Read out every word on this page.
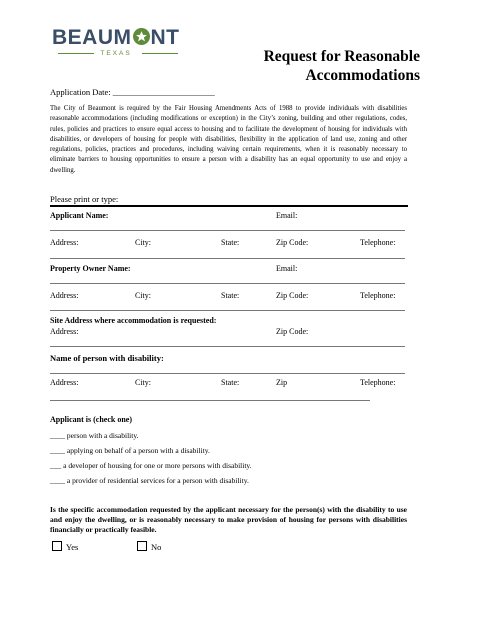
BEAUM NT
TEXAS	Request for Reasonable
Accommodations
Application Date: ________________________
The City of Beaumont is required by the Fair Housing Amendments Acts of 1988 to provide individuals with disabilities reasonable accommodations (including modifications or exception) in the City’s zoning, building and other regulations, codes, rules, policies and practices to ensure equal access to housing and to facilitate the development of housing for individuals with disabilities, or developers of housing for people with disabilities, flexibility in the application of land use, zoning and other regulations, policies, practices and procedures, including waiving certain requirements, when it is reasonably necessary to eliminate barriers to housing opportunities to ensure a person with a disability has an equal opportunity to use and enjoy a dwelling.
Please print or type:
Applicant Name:	Email:
Address:	City:	State:	Zip Code:	Telephone:
Property Owner Name:	Email:
Address:	City:	State:	Zip Code:	Telephone:
Site Address where accommodation is requested:
Address:	Zip Code:
Name of person with disability:
Address:	City:	State:	Zip	Telephone:
Applicant is (check one)
____ person with a disability.
____ applying on behalf of a person with a disability.
___ a developer of housing for one or more persons with disability.
____ a provider of residential services for a person with disability.
Is the specific accommodation requested by the applicant necessary for the person(s) with the disability to use and enjoy the dwelling, or is reasonably necessary to make provision of housing for persons with disabilities financially or practically feasible.
Yes	No
